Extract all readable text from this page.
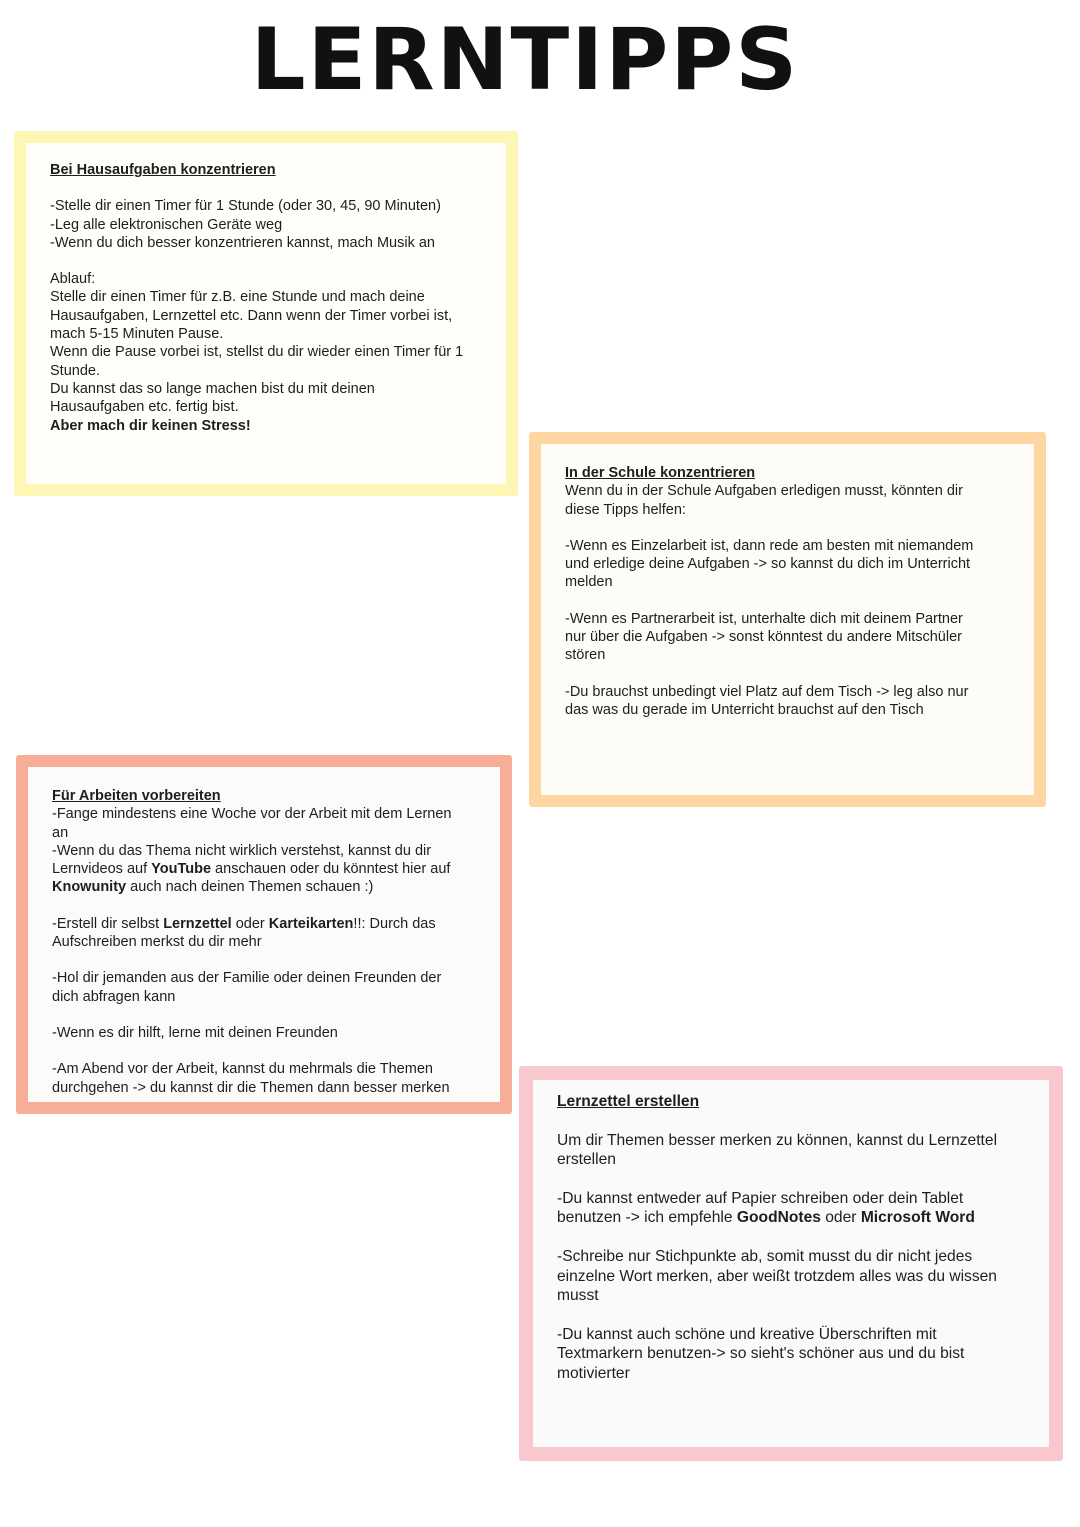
LERNTIPPS

Bei Hausaufgaben konzentrieren

-Stelle dir einen Timer für 1 Stunde (oder 30, 45, 90 Minuten)

-Leg alle elektronischen Geräte weg

-Wenn du dich besser konzentrieren kannst, mach Musik an

Ablauf:

Stelle dir einen Timer für z.B. eine Stunde und mach deine

Hausaufgaben, Lernzettel etc. Dann wenn der Timer vorbei ist,

mach 5-15 Minuten Pause.

Wenn die Pause vorbei ist, stellst du dir wieder einen Timer für 1

Stunde.

Du kannst das so lange machen bist du mit deinen

Hausaufgaben etc. fertig bist.

Aber mach dir keinen Stress!

In der Schule konzentrieren

Wenn du in der Schule Aufgaben erledigen musst, könnten dir

diese Tipps helfen:

-Wenn es Einzelarbeit ist, dann rede am besten mit niemandem

und erledige deine Aufgaben -> so kannst du dich im Unterricht

melden

-Wenn es Partnerarbeit ist, unterhalte dich mit deinem Partner

nur über die Aufgaben -> sonst könntest du andere Mitschüler

stören

-Du brauchst unbedingt viel Platz auf dem Tisch -> leg also nur

das was du gerade im Unterricht brauchst auf den Tisch

Für Arbeiten vorbereiten

-Fange mindestens eine Woche vor der Arbeit mit dem Lernen

an

-Wenn du das Thema nicht wirklich verstehst, kannst du dir

Lernvideos auf YouTube anschauen oder du könntest hier auf

Knowunity auch nach deinen Themen schauen :)

-Erstell dir selbst Lernzettel oder Karteikarten!!: Durch das

Aufschreiben merkst du dir mehr

-Hol dir jemanden aus der Familie oder deinen Freunden der

dich abfragen kann

-Wenn es dir hilft, lerne mit deinen Freunden

-Am Abend vor der Arbeit, kannst du mehrmals die Themen

durchgehen -> du kannst dir die Themen dann besser merken

Lernzettel erstellen

Um dir Themen besser merken zu können, kannst du Lernzettel

erstellen

-Du kannst entweder auf Papier schreiben oder dein Tablet

benutzen -> ich empfehle GoodNotes oder Microsoft Word

-Schreibe nur Stichpunkte ab, somit musst du dir nicht jedes

einzelne Wort merken, aber weißt trotzdem alles was du wissen

musst

-Du kannst auch schöne und kreative Überschriften mit

Textmarkern benutzen-> so sieht's schöner aus und du bist

motivierter
